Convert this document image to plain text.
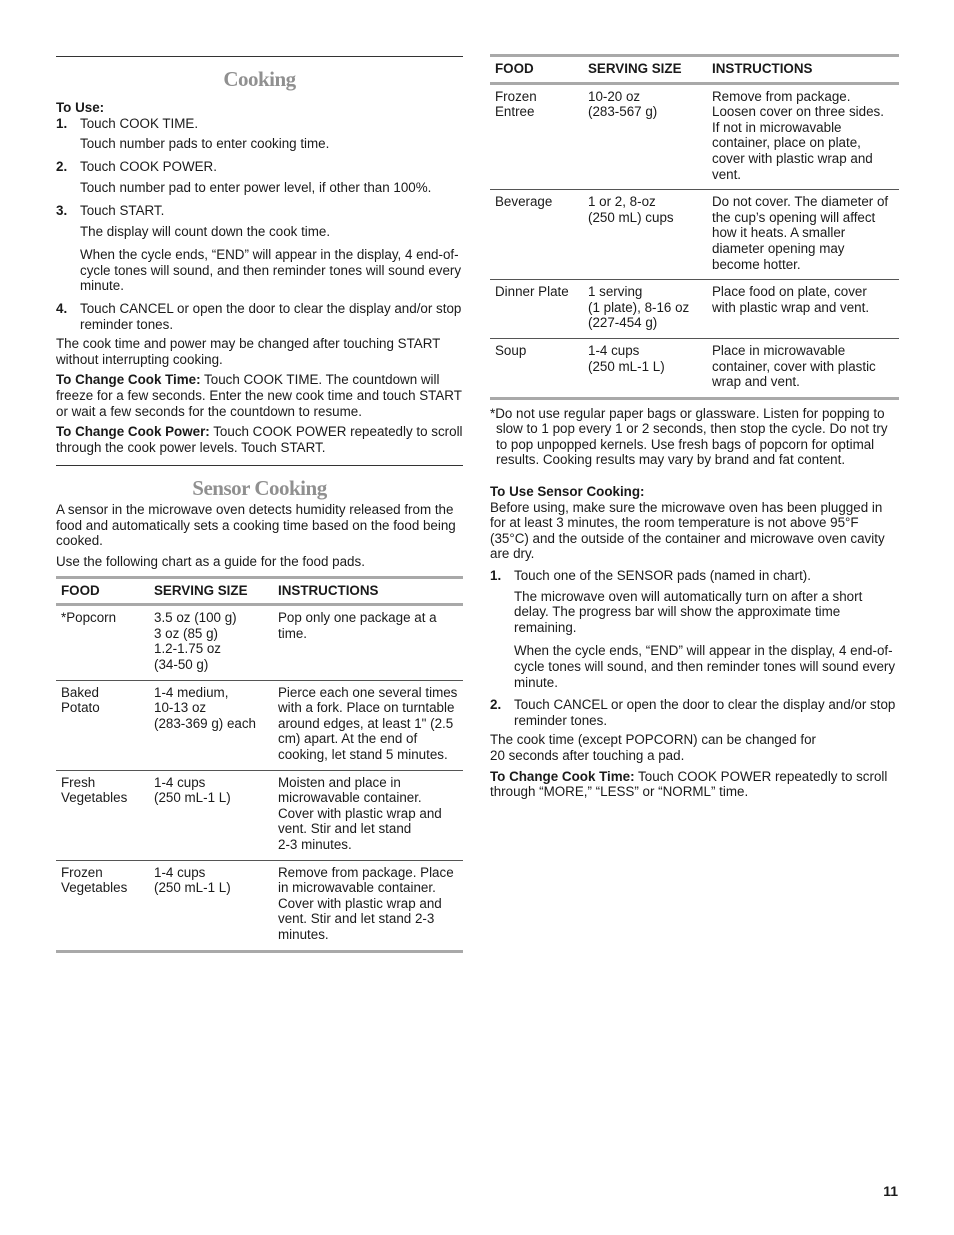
Cooking

To Use:

1. Touch COOK TIME.

Touch number pads to enter cooking time.

2. Touch COOK POWER.

Touch number pad to enter power level, if other than 100%.

3. Touch START.

The display will count down the cook time.

When the cycle ends, “END” will appear in the display, 4 end-of-cycle tones will sound, and then reminder tones will sound every minute.

4. Touch CANCEL or open the door to clear the display and/or stop reminder tones.

The cook time and power may be changed after touching START without interrupting cooking.

To Change Cook Time: Touch COOK TIME. The countdown will freeze for a few seconds. Enter the new cook time and touch START or wait a few seconds for the countdown to resume.

To Change Cook Power: Touch COOK POWER repeatedly to scroll through the cook power levels. Touch START.

Sensor Cooking

A sensor in the microwave oven detects humidity released from the food and automatically sets a cooking time based on the food being cooked.

Use the following chart as a guide for the food pads.

FOOD	SERVING SIZE	INSTRUCTIONS
*Popcorn	3.5 oz (100 g)
3 oz (85 g)
1.2-1.75 oz
(34-50 g)	Pop only one package at a time.
Baked
Potato	1-4 medium,
10-13 oz
(283-369 g) each	Pierce each one several times with a fork. Place on turntable around edges, at least 1" (2.5 cm) apart. At the end of cooking, let stand 5 minutes.
Fresh
Vegetables	1-4 cups
(250 mL-1 L)	Moisten and place in microwavable container. Cover with plastic wrap and vent. Stir and let stand
2-3 minutes.
Frozen
Vegetables	1-4 cups
(250 mL-1 L)	Remove from package. Place in microwavable container. Cover with plastic wrap and vent. Stir and let stand 2-3 minutes.
FOOD	SERVING SIZE	INSTRUCTIONS
Frozen
Entree	10-20 oz
(283-567 g)	Remove from package. Loosen cover on three sides. If not in microwavable container, place on plate, cover with plastic wrap and vent.
Beverage	1 or 2, 8-oz
(250 mL) cups	Do not cover. The diameter of the cup’s opening will affect how it heats. A smaller diameter opening may become hotter.
Dinner Plate	1 serving
(1 plate), 8-16 oz
(227-454 g)	Place food on plate, cover with plastic wrap and vent.
Soup	1-4 cups
(250 mL-1 L)	Place in microwavable container, cover with plastic wrap and vent.

*Do not use regular paper bags or glassware. Listen for popping to slow to 1 pop every 1 or 2 seconds, then stop the cycle. Do not try to pop unpopped kernels. Use fresh bags of popcorn for optimal results. Cooking results may vary by brand and fat content.

To Use Sensor Cooking:

Before using, make sure the microwave oven has been plugged in for at least 3 minutes, the room temperature is not above 95°F (35°C) and the outside of the container and microwave oven cavity are dry.

1. Touch one of the SENSOR pads (named in chart).

The microwave oven will automatically turn on after a short delay. The progress bar will show the approximate time remaining.

When the cycle ends, “END” will appear in the display, 4 end-of-cycle tones will sound, and then reminder tones will sound every minute.

2. Touch CANCEL or open the door to clear the display and/or stop reminder tones.

The cook time (except POPCORN) can be changed for
20 seconds after touching a pad.

To Change Cook Time: Touch COOK POWER repeatedly to scroll through “MORE,” “LESS” or “NORML” time.

11
